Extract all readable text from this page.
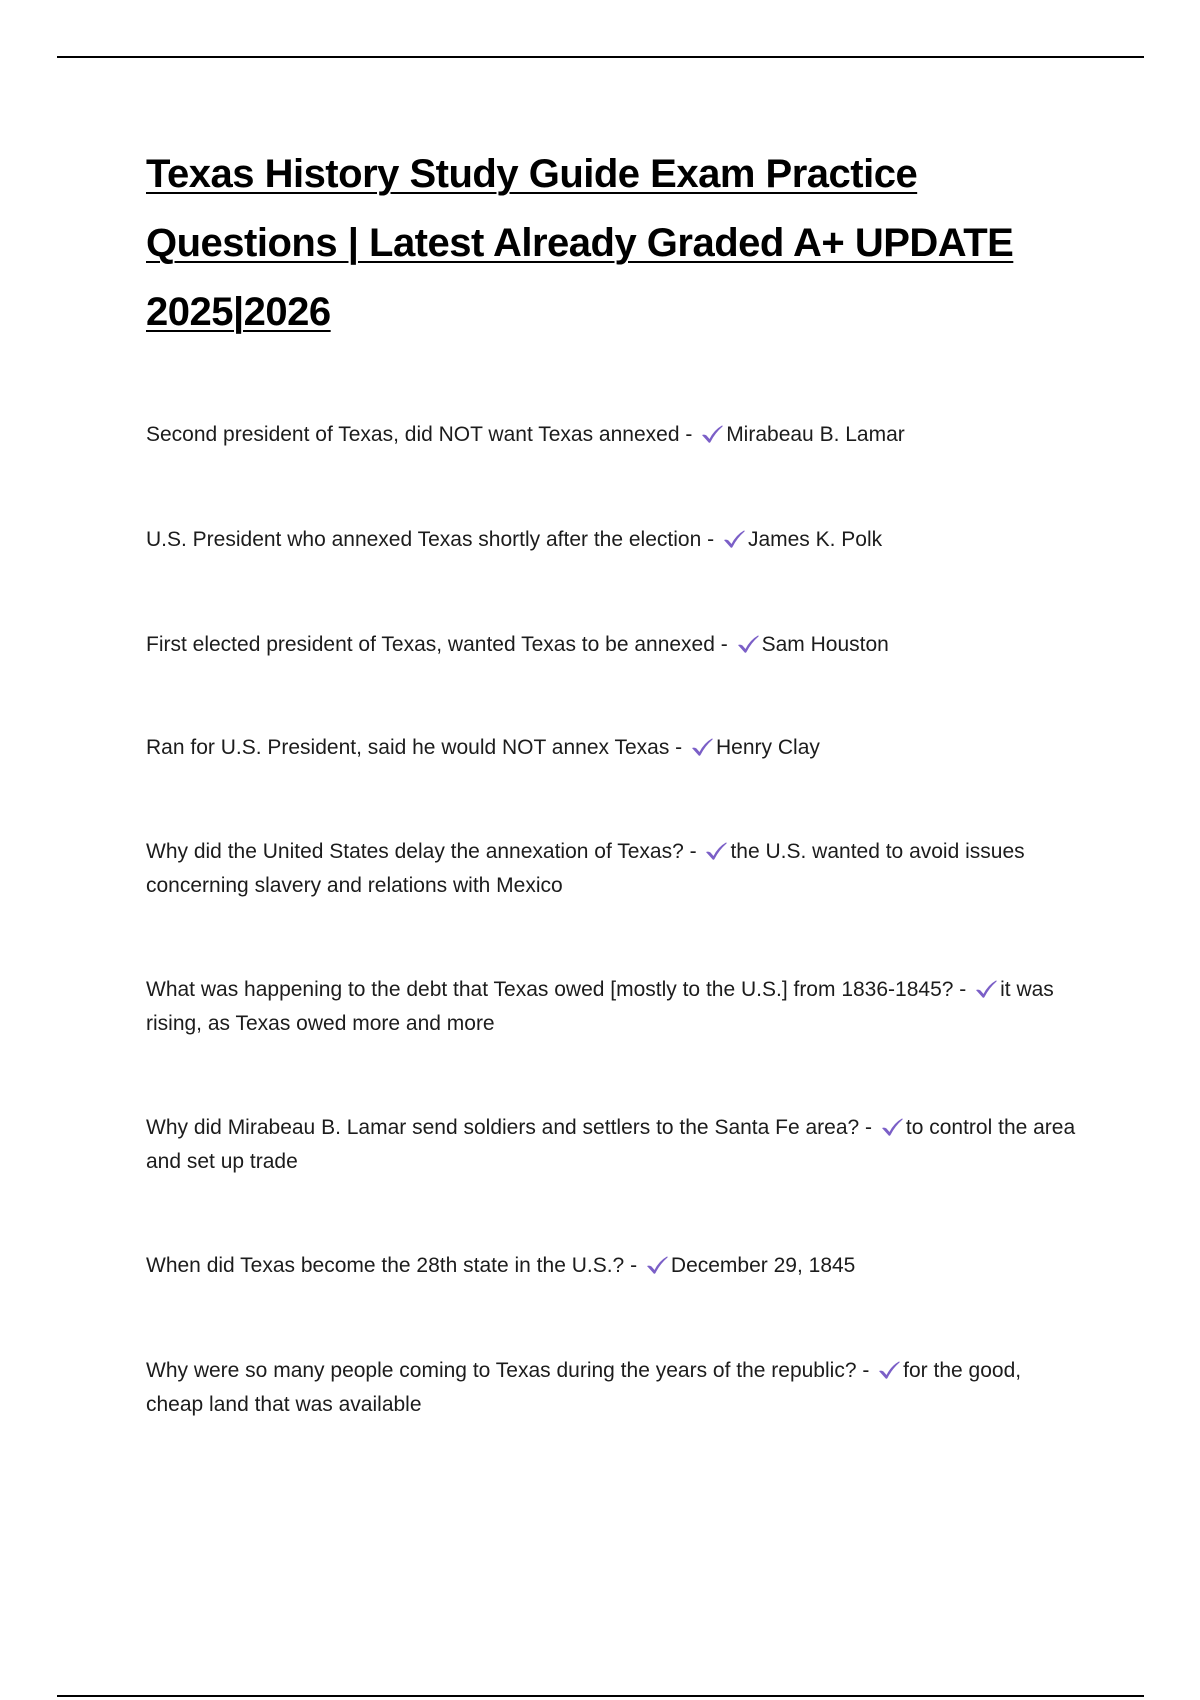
Texas History Study Guide Exam Practice Questions | Latest Already Graded A+ UPDATE 2025|2026
Second president of Texas, did NOT want Texas annexed -
Mirabeau B. Lamar
U.S. President who annexed Texas shortly after the election -
James K. Polk
First elected president of Texas, wanted Texas to be annexed -
Sam Houston
Ran for U.S. President, said he would NOT annex Texas -
Henry Clay
Why did the United States delay the annexation of Texas? -
the U.S. wanted to avoid issues concerning slavery and relations with Mexico
What was happening to the debt that Texas owed [mostly to the U.S.] from 1836-1845? -
it was rising, as Texas owed more and more
Why did Mirabeau B. Lamar send soldiers and settlers to the Santa Fe area? -
to control the area and set up trade
When did Texas become the 28th state in the U.S.? -
December 29, 1845
Why were so many people coming to Texas during the years of the republic? -
for the good, cheap land that was available
